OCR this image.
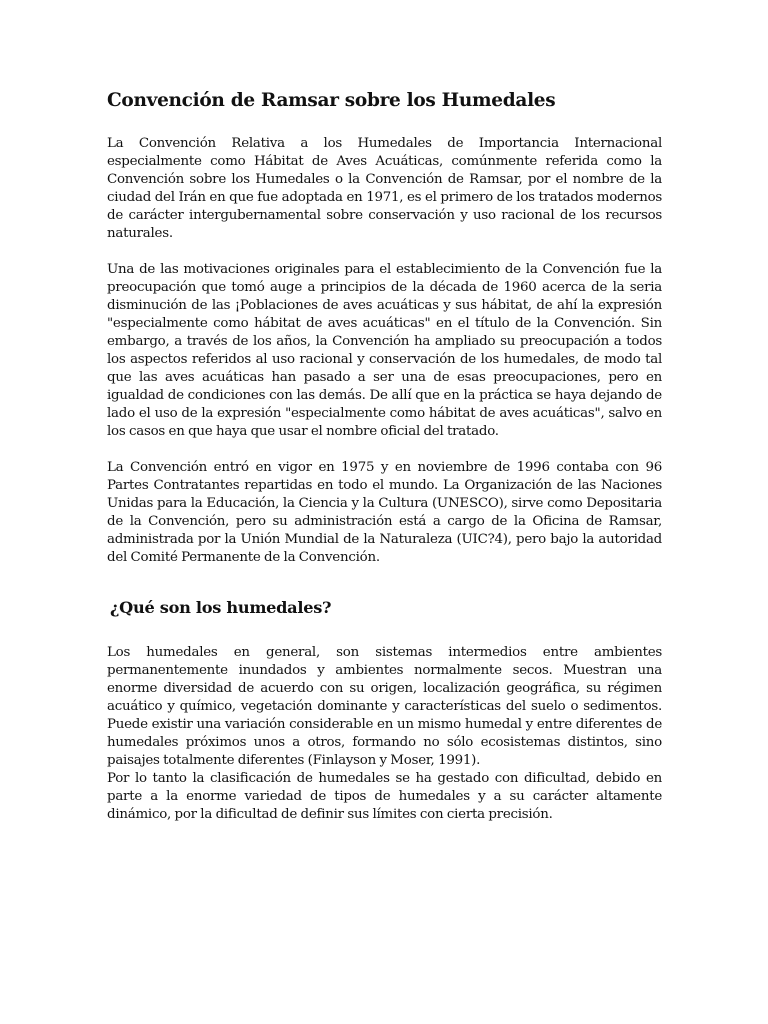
Convención de Ramsar sobre los Humedales

La Convención Relativa a los Humedales de Importancia Internacional especialmente como Hábitat de Aves Acuáticas, comúnmente referida como la Convención sobre los Humedales o la Convención de Ramsar, por el nombre de la ciudad del Irán en que fue adoptada en 1971, es el primero de los tratados modernos de carácter intergubernamental sobre conservación y uso racional de los recursos naturales.

Una de las motivaciones originales para el establecimiento de la Convención fue la preocupación que tomó auge a principios de la década de 1960 acerca de la seria disminución de las ¡Poblaciones de aves acuáticas y sus hábitat, de ahí la expresión "especialmente como hábitat de aves acuáticas" en el título de la Convención. Sin embargo, a través de los años, la Convención ha ampliado su preocupación a todos los aspectos referidos al uso racional y conservación de los humedales, de modo tal que las aves acuáticas han pasado a ser una de esas preocupaciones, pero en igualdad de condiciones con las demás. De allí que en la práctica se haya dejando de lado el uso de la expresión "especialmente como hábitat de aves acuáticas", salvo en los casos en que haya que usar el nombre oficial del tratado.

La Convención entró en vigor en 1975 y en noviembre de 1996 contaba con 96 Partes Contratantes repartidas en todo el mundo. La Organización de las Naciones Unidas para la Educación, la Ciencia y la Cultura (UNESCO), sirve como Depositaria de la Convención, pero su administración está a cargo de la Oficina de Ramsar, administrada por la Unión Mundial de la Naturaleza (UIC?4), pero bajo la autoridad del Comité Permanente de la Convención.

¿Qué son los humedales?

Los humedales en general, son sistemas intermedios entre ambientes permanentemente inundados y ambientes normalmente secos. Muestran una enorme diversidad de acuerdo con su origen, localización geográfica, su régimen acuático y químico, vegetación dominante y características del suelo o sedimentos. Puede existir una variación considerable en un mismo humedal y entre diferentes de humedales próximos unos a otros, formando no sólo ecosistemas distintos, sino paisajes totalmente diferentes (Finlayson y Moser, 1991).

Por lo tanto la clasificación de humedales se ha gestado con dificultad, debido en parte a la enorme variedad de tipos de humedales y a su carácter altamente dinámico, por la dificultad de definir sus límites con cierta precisión.
